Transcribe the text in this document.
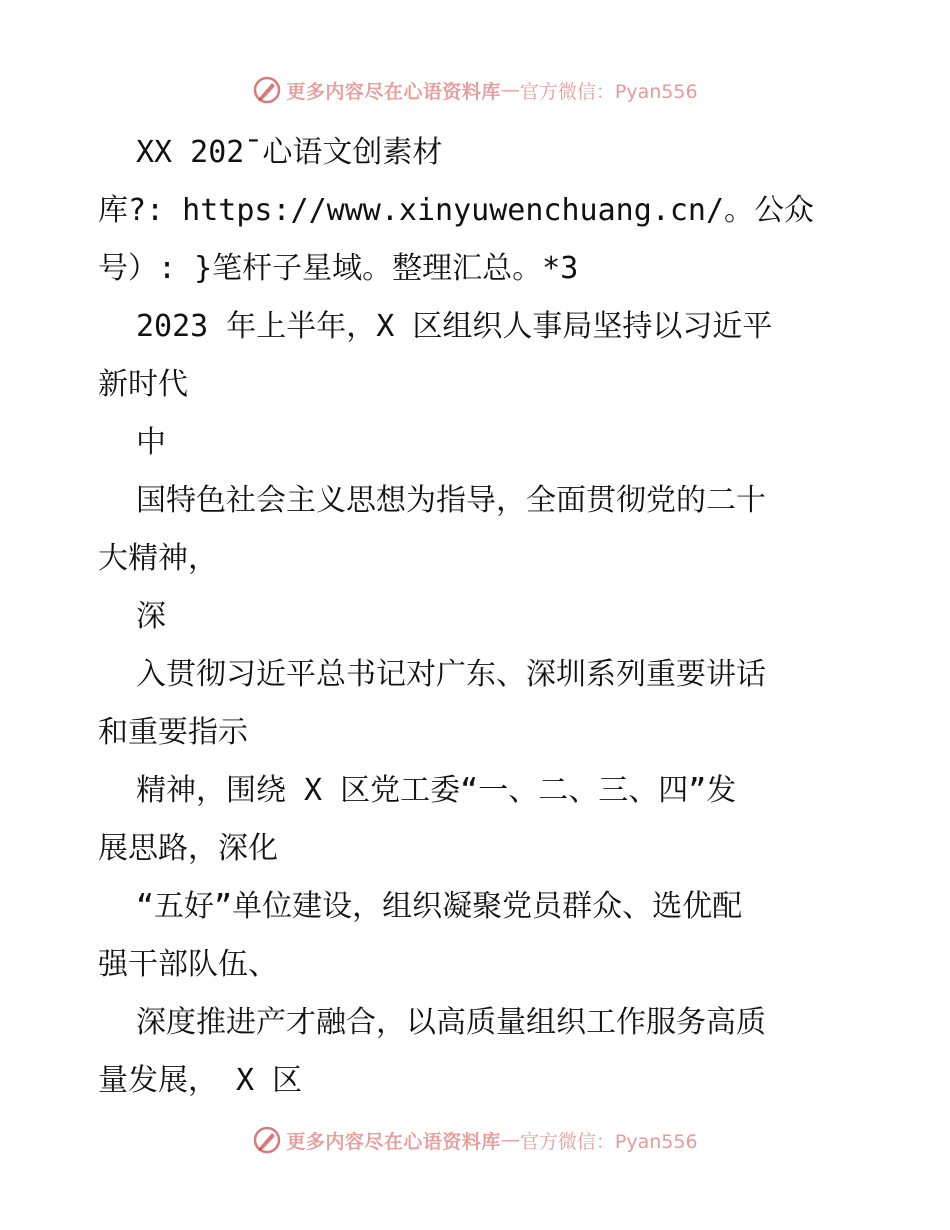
更多内容尽在心语资料库 — 官方微信：Pyan556
XX 202¯心语文创素材
库?: https://www.xinyuwenchuang.cn/。公众
号）: }笔杆子星域。整理汇总。*3
2023 年上半年，X 区组织人事局坚持以习近平
新时代
中
国特色社会主义思想为指导，全面贯彻党的二十
大精神，
深
入贯彻习近平总书记对广东、深圳系列重要讲话
和重要指示
精神，围绕 X 区党工委“一、二、三、四”发
展思路，深化
“五好”单位建设，组织凝聚党员群众、选优配
强干部队伍、
深度推进产才融合，以高质量组织工作服务高质
量发展， X 区
更多内容尽在心语资料库 — 官方微信：Pyan556
